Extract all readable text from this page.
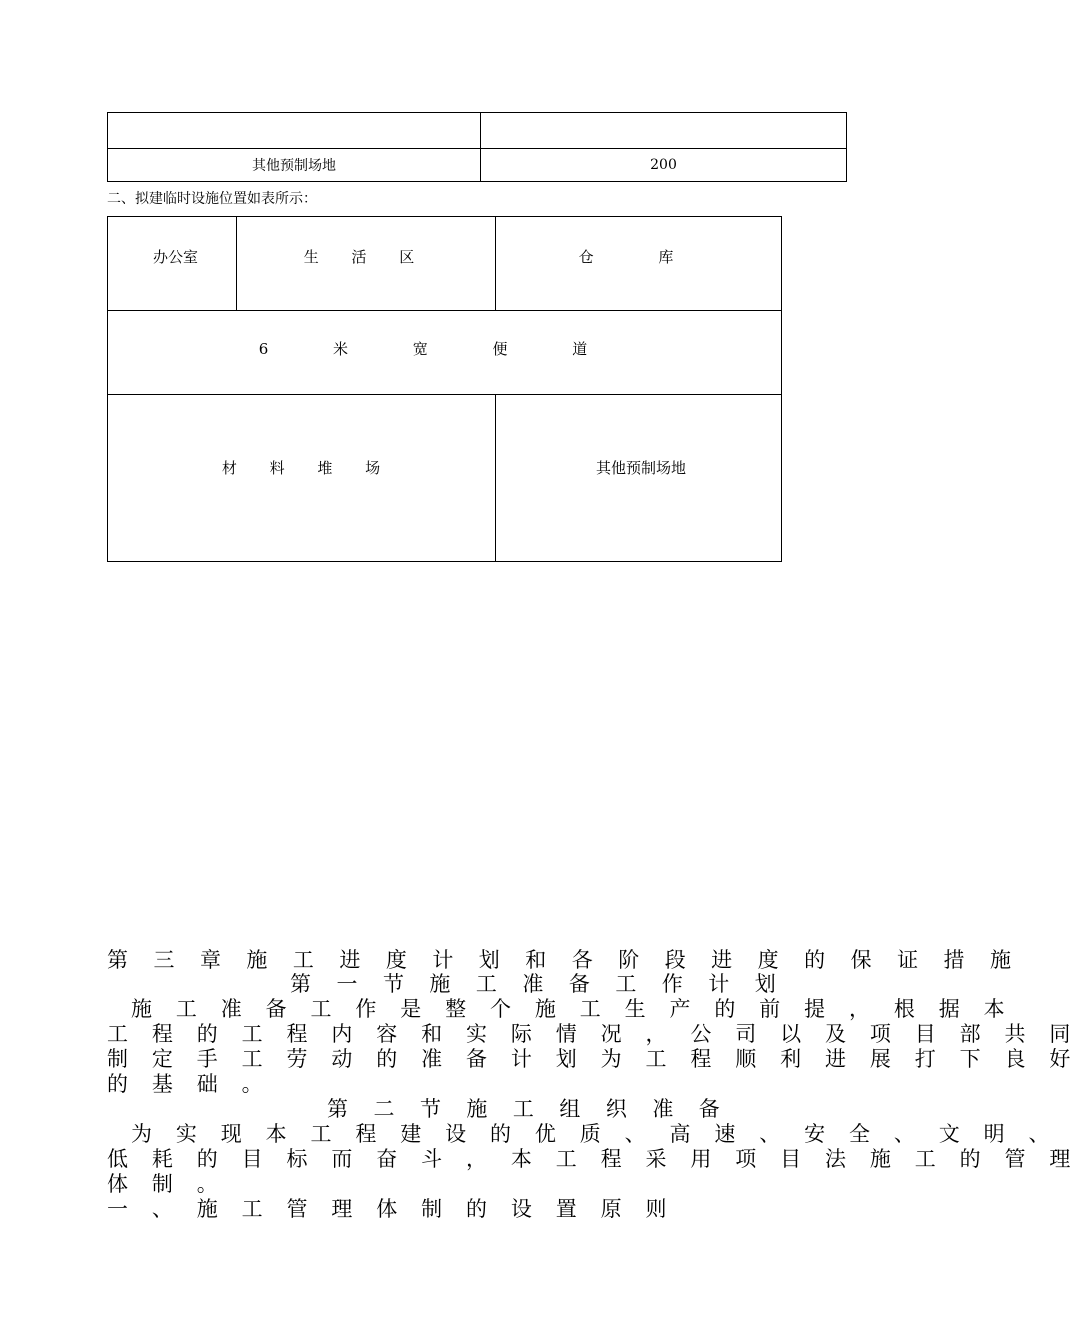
其他预制场地	200
二、拟建临时设施位置如表所示：
办公室	生 活 区	仓 库
6 米 宽 便 道
材 料 堆 场	其他预制场地
第 三 章 施 工 进 度 计 划 和 各 阶 段 进 度 的 保 证 措 施
第 一 节 施 工 准 备 工 作 计 划
施 工 准 备 工 作 是 整 个 施 工 生 产 的 前 提 ， 根 据 本
工 程 的 工 程 内 容 和 实 际 情 况 ， 公 司 以 及 项 目 部 共 同
制 定 手 工 劳 动 的 准 备 计 划 为 工 程 顺 利 进 展 打 下 良 好
的 基 础 。
第 二 节 施 工 组 织 准 备
为 实 现 本 工 程 建 设 的 优 质 、 高 速 、 安 全 、 文 明 、
低 耗 的 目 标 而 奋 斗 ， 本 工 程 采 用 项 目 法 施 工 的 管 理
体 制 。
一 、 施 工 管 理 体 制 的 设 置 原 则
